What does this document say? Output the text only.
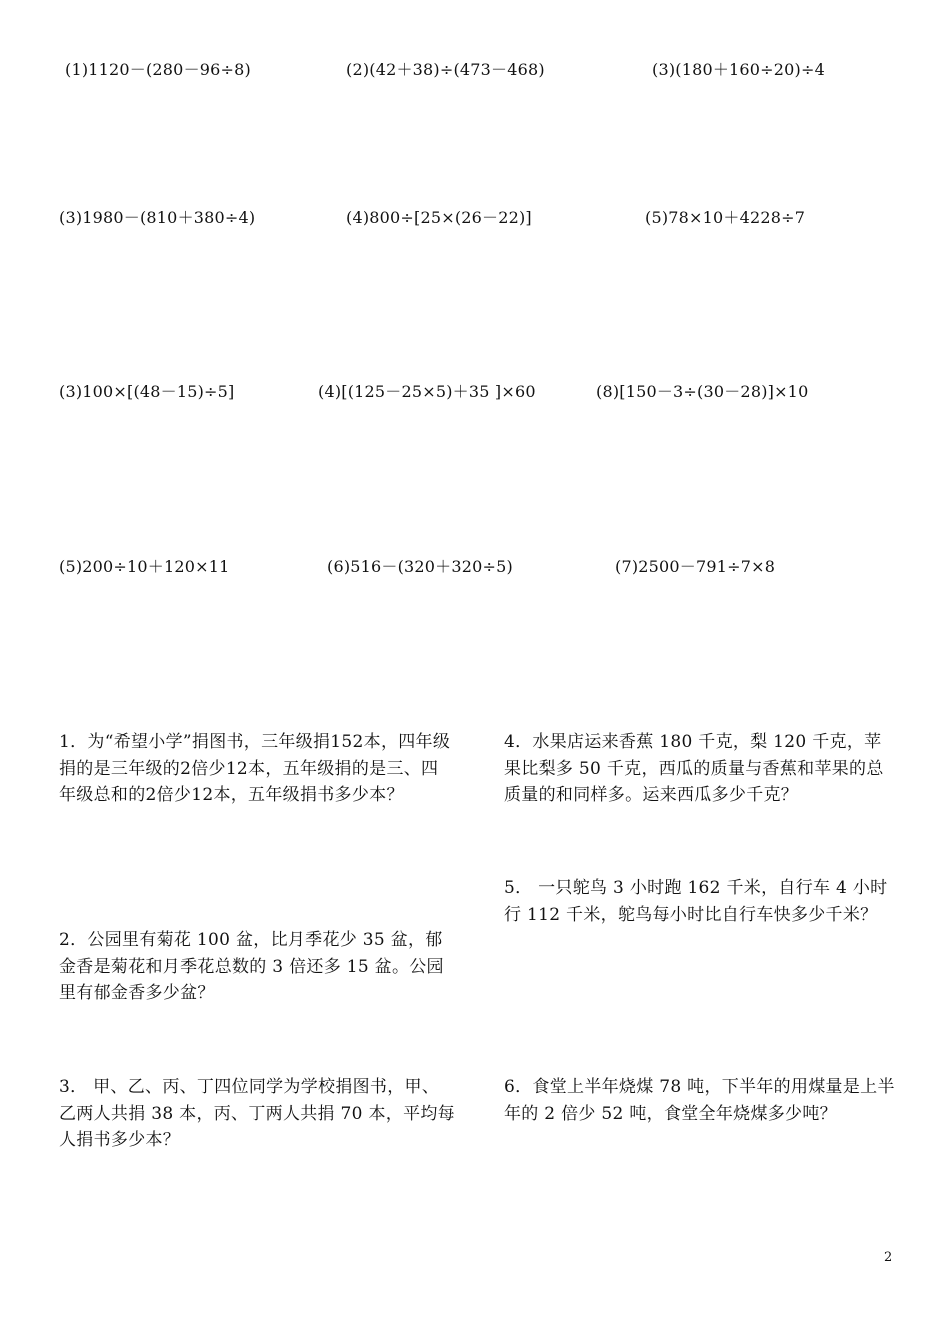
(1)1120－(280－96÷8)	(2)(42＋38)÷(473－468)	(3)(180＋160÷20)÷4
(3)1980－(810＋380÷4)	(4)800÷[25×(26－22)]	(5)78×10＋4228÷7
(3)100×[(48－15)÷5]	(4)[(125－25×5)＋35 ]×60	(8)[150－3÷(30－28)]×10
(5)200÷10＋120×11	(6)516－(320＋320÷5)	(7)2500－791÷7×8
1．为“希望小学”捐图书，三年级捐152本，四年级捐的是三年级的2倍少12本，五年级捐的是三、四年级总和的2倍少12本，五年级捐书多少本？
2．公园里有菊花 100 盆，比月季花少 35 盆，郁金香是菊花和月季花总数的 3 倍还多 15 盆。公园里有郁金香多少盆？
3． 甲、乙、丙、丁四位同学为学校捐图书，甲、乙两人共捐 38 本，丙、丁两人共捐 70 本，平均每人捐书多少本？
4．水果店运来香蕉 180 千克，梨 120 千克，苹果比梨多 50 千克，西瓜的质量与香蕉和苹果的总质量的和同样多。运来西瓜多少千克？
5． 一只鸵鸟 3 小时跑 162 千米，自行车 4 小时行 112 千米，鸵鸟每小时比自行车快多少千米？
6．食堂上半年烧煤 78 吨，下半年的用煤量是上半年的 2 倍少 52 吨，食堂全年烧煤多少吨？
2
